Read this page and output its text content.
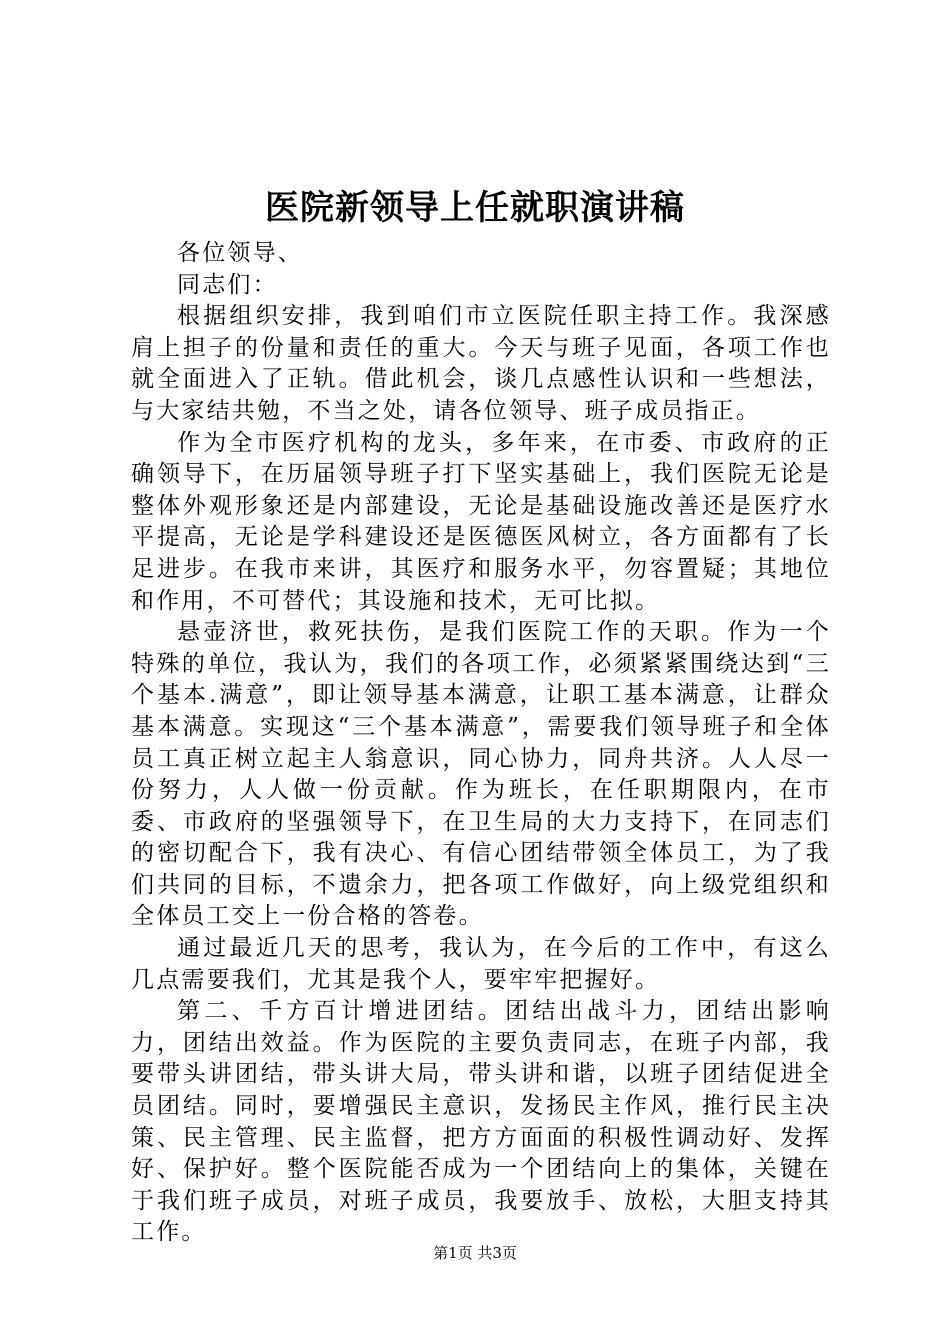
医院新领导上任就职演讲稿

各位领导、

同志们：

根据组织安排，我到咱们市立医院任职主持工作。我深感肩上担子的份量和责任的重大。今天与班子见面，各项工作也就全面进入了正轨。借此机会，谈几点感性认识和一些想法，与大家结共勉，不当之处，请各位领导、班子成员指正。

作为全市医疗机构的龙头，多年来，在市委、市政府的正确领导下，在历届领导班子打下坚实基础上，我们医院无论是整体外观形象还是内部建设，无论是基础设施改善还是医疗水平提高，无论是学科建设还是医德医风树立，各方面都有了长足进步。在我市来讲，其医疗和服务水平，勿容置疑；其地位和作用，不可替代；其设施和技术，无可比拟。

悬壶济世，救死扶伤，是我们医院工作的天职。作为一个特殊的单位，我认为，我们的各项工作，必须紧紧围绕达到“三个基本.满意”，即让领导基本满意，让职工基本满意，让群众基本满意。实现这“三个基本满意”，需要我们领导班子和全体员工真正树立起主人翁意识，同心协力，同舟共济。人人尽一份努力，人人做一份贡献。作为班长，在任职期限内，在市委、市政府的坚强领导下，在卫生局的大力支持下，在同志们的密切配合下，我有决心、有信心团结带领全体员工，为了我们共同的目标，不遗余力，把各项工作做好，向上级党组织和全体员工交上一份合格的答卷。

通过最近几天的思考，我认为，在今后的工作中，有这么几点需要我们，尤其是我个人，要牢牢把握好。

第二、千方百计增进团结。团结出战斗力，团结出影响力，团结出效益。作为医院的主要负责同志，在班子内部，我要带头讲团结，带头讲大局，带头讲和谐，以班子团结促进全员团结。同时，要增强民主意识，发扬民主作风，推行民主决策、民主管理、民主监督，把方方面面的积极性调动好、发挥好、保护好。整个医院能否成为一个团结向上的集体，关键在于我们班子成员，对班子成员，我要放手、放松，大胆支持其工作。

第1页 共3页
